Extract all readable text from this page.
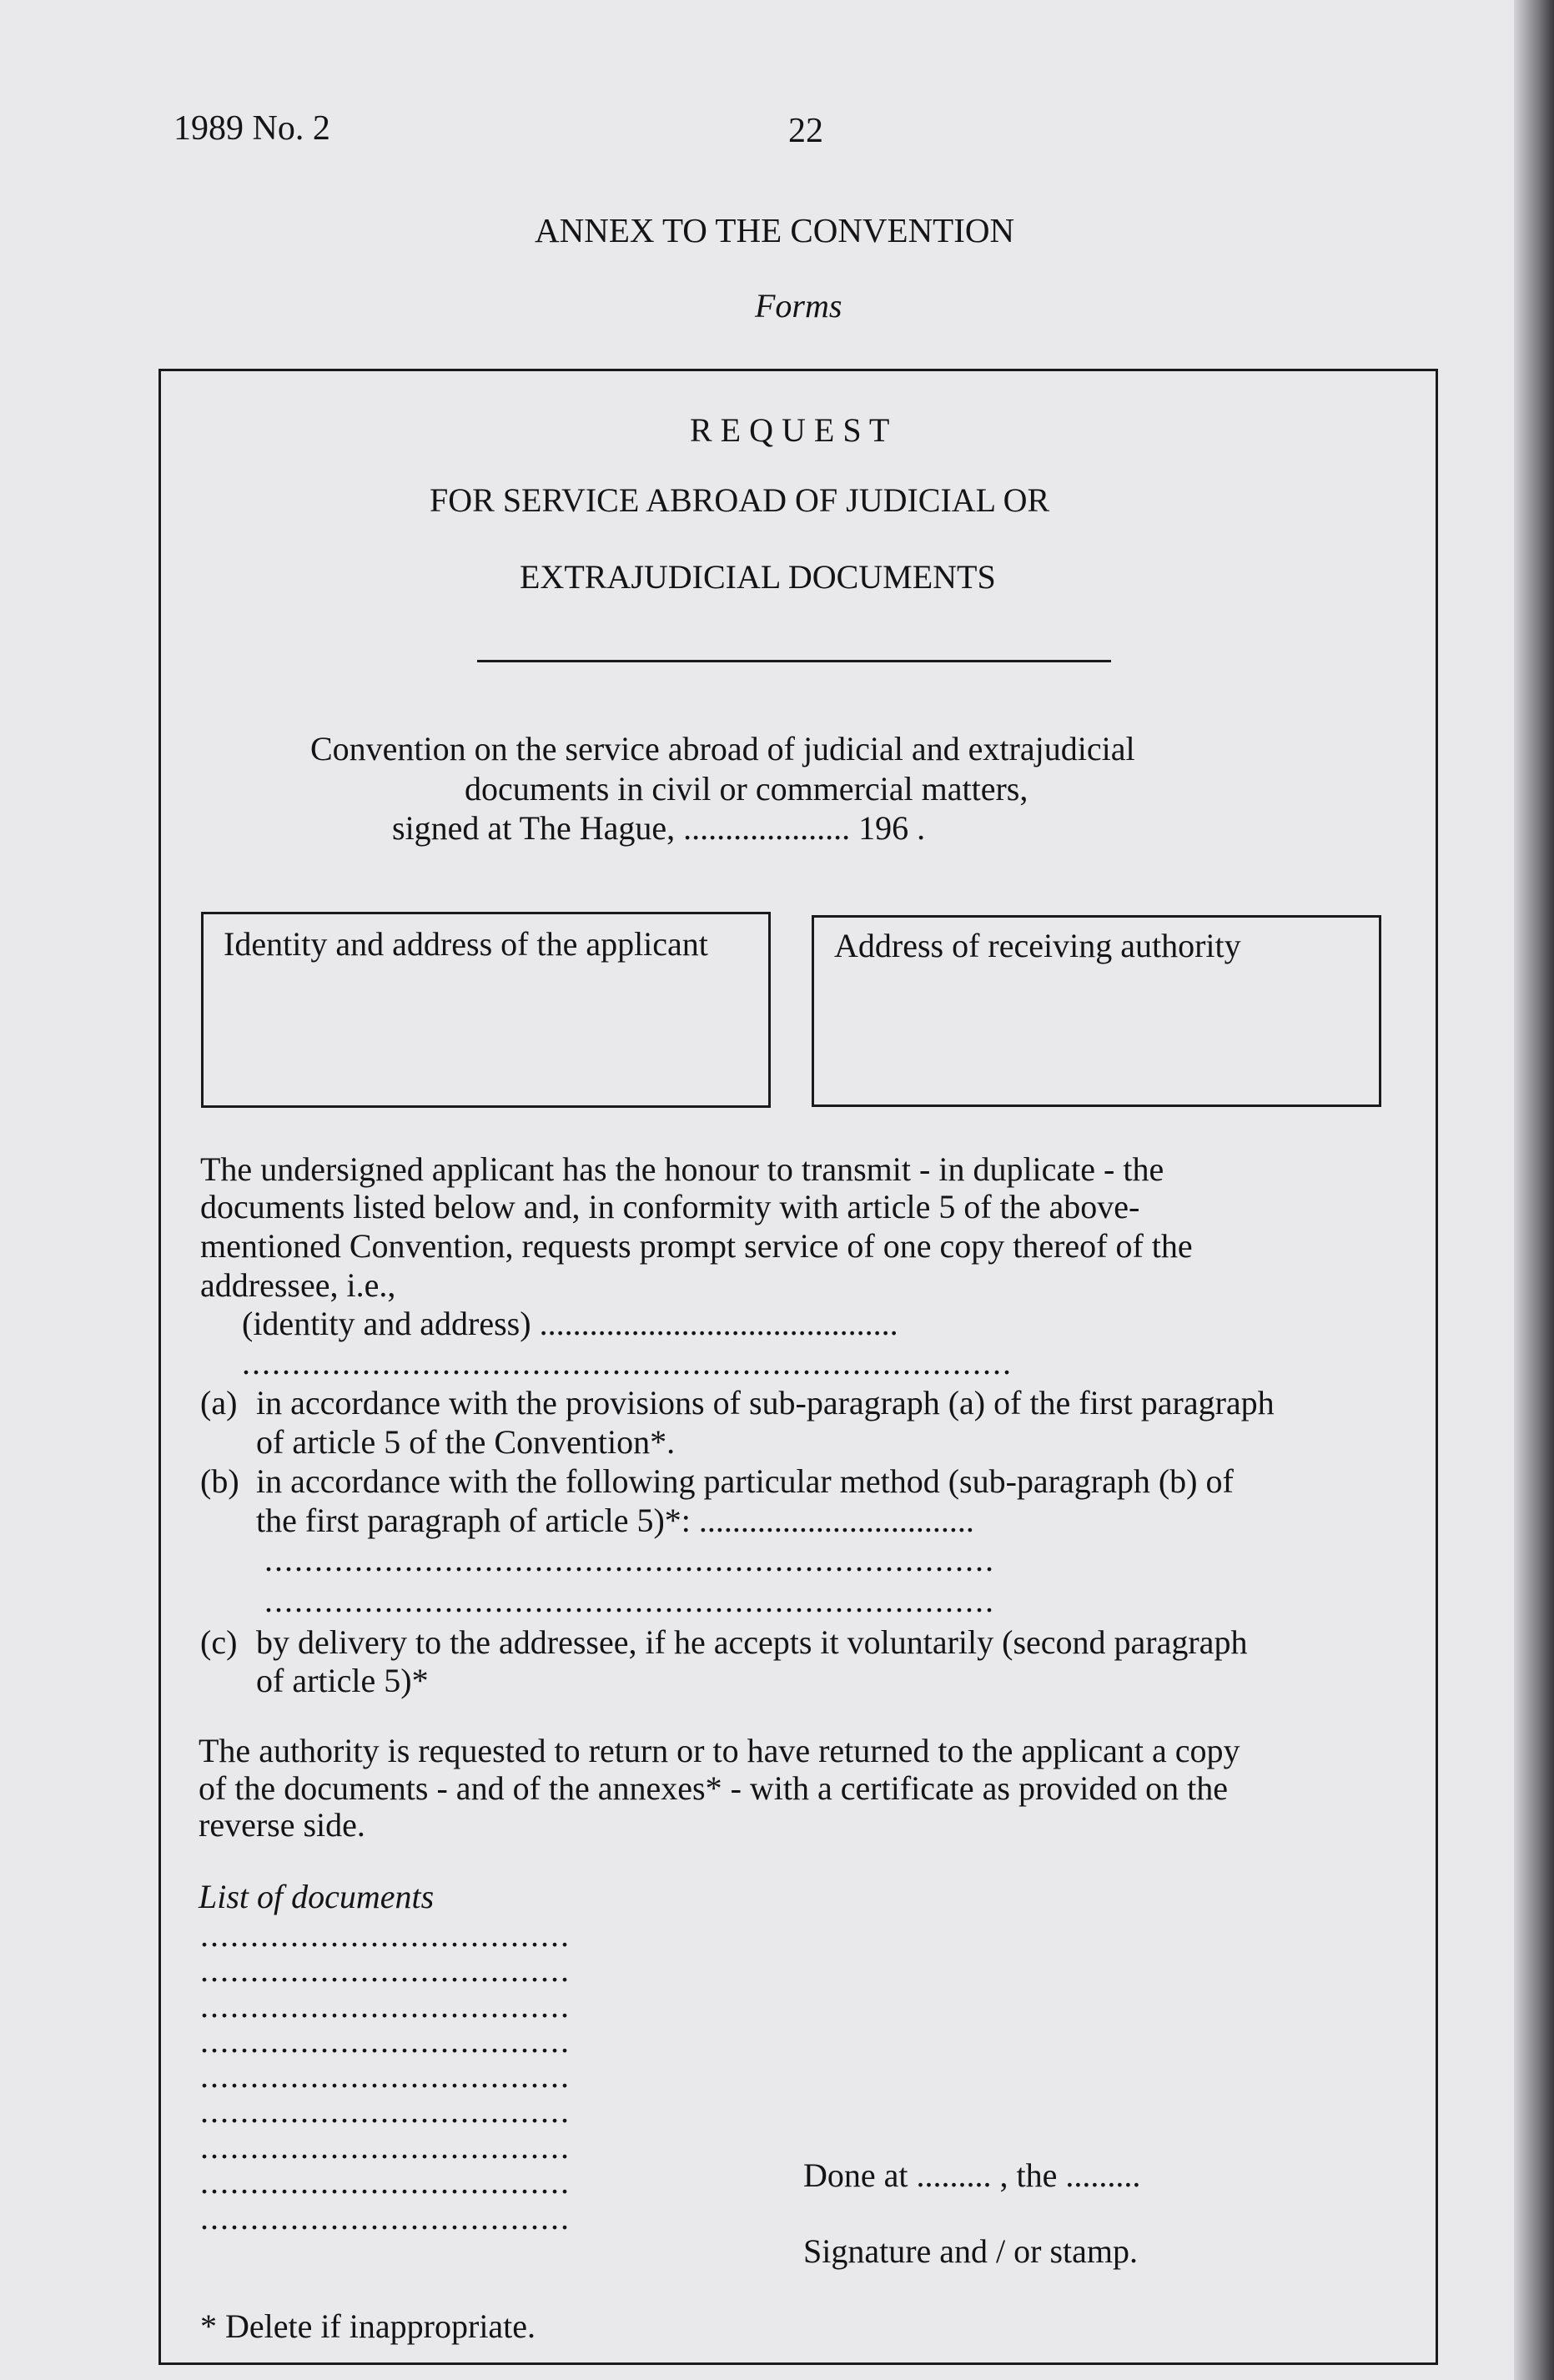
1989 No. 2	22
ANNEX TO THE CONVENTION
Forms
R E Q U E S T
FOR SERVICE ABROAD OF JUDICIAL OR
EXTRAJUDICIAL DOCUMENTS
Convention on the service abroad of judicial and extrajudicial
documents in civil or commercial matters,
signed at The Hague, .................... 196 .
Identity and address of the applicant	Address of receiving authority
The undersigned applicant has the honour to transmit - in duplicate - the
documents listed below and, in conformity with article 5 of the above-
mentioned Convention, requests prompt service of one copy thereof of the
addressee, i.e.,
(identity and address) ...........................................
.............................................................................
(a) in accordance with the provisions of sub-paragraph (a) of the first paragraph
of article 5 of the Convention*.
(b) in accordance with the following particular method (sub-paragraph (b) of
the first paragraph of article 5)*: .................................
.........................................................................
.........................................................................
(c) by delivery to the addressee, if he accepts it voluntarily (second paragraph
of article 5)*
The authority is requested to return or to have returned to the applicant a copy
of the documents - and of the annexes* - with a certificate as provided on the
reverse side.
List of documents
.....................................
.....................................
.....................................
.....................................
.....................................
.....................................
.....................................
.....................................
.....................................
Done at ......... , the .........
Signature and / or stamp.
* Delete if inappropriate.
